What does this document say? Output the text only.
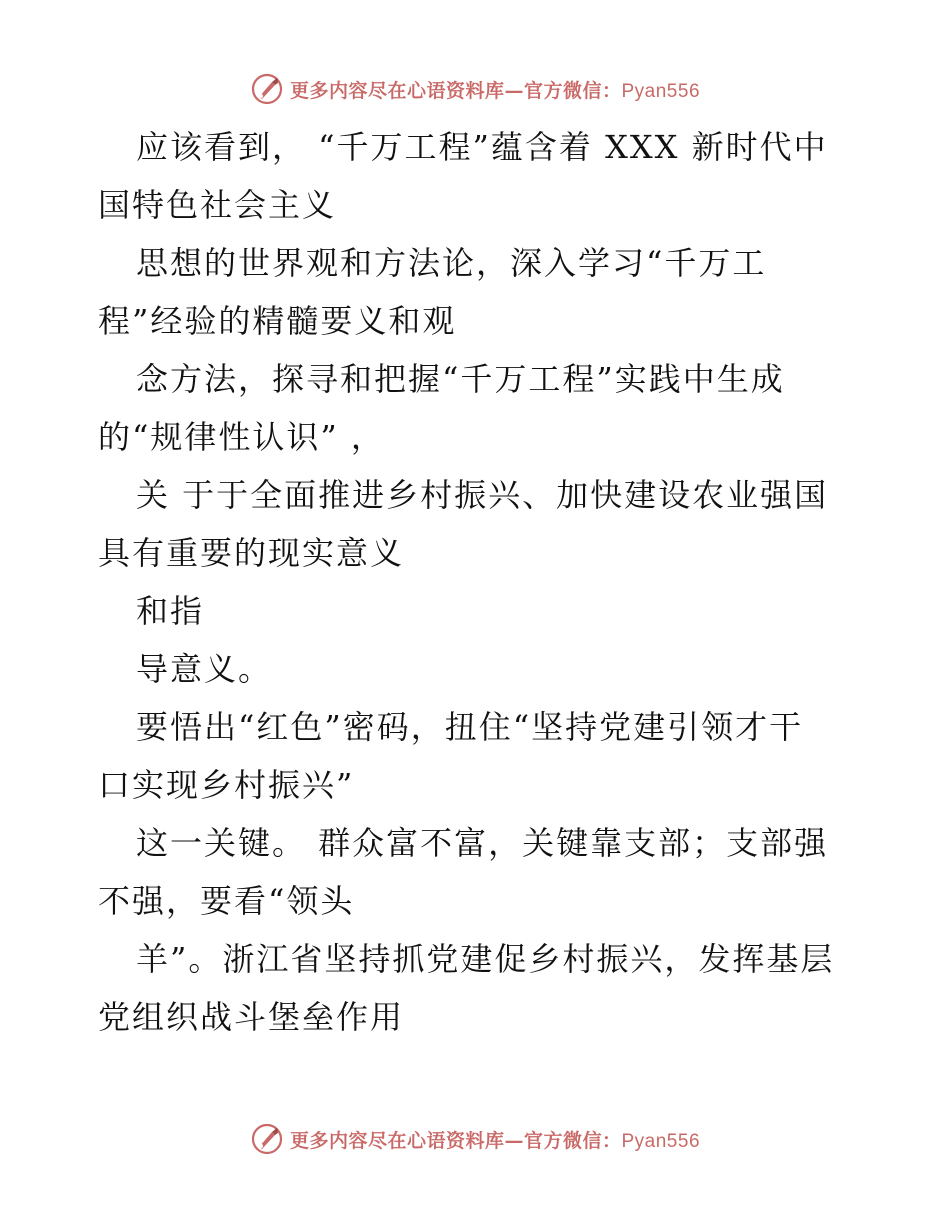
更多内容尽在心语资料库—官方微信：Pyan556
应该看到， “千万工程”蕴含着 XXX 新时代中
国特色社会主义
思想的世界观和方法论，深入学习“千万工
程”经验的精髓要义和观
念方法，探寻和把握“千万工程”实践中生成
的“规律性认识” ，
关 于于全面推进乡村振兴、加快建设农业强国
具有重要的现实意义
和指
导意义。
要悟出“红色”密码，扭住“坚持党建引领才干
口实现乡村振兴”
这一关键。 群众富不富，关键靠支部；支部强
不强，要看“领头
羊”。浙江省坚持抓党建促乡村振兴，发挥基层
党组织战斗堡垒作用
更多内容尽在心语资料库—官方微信：Pyan556
